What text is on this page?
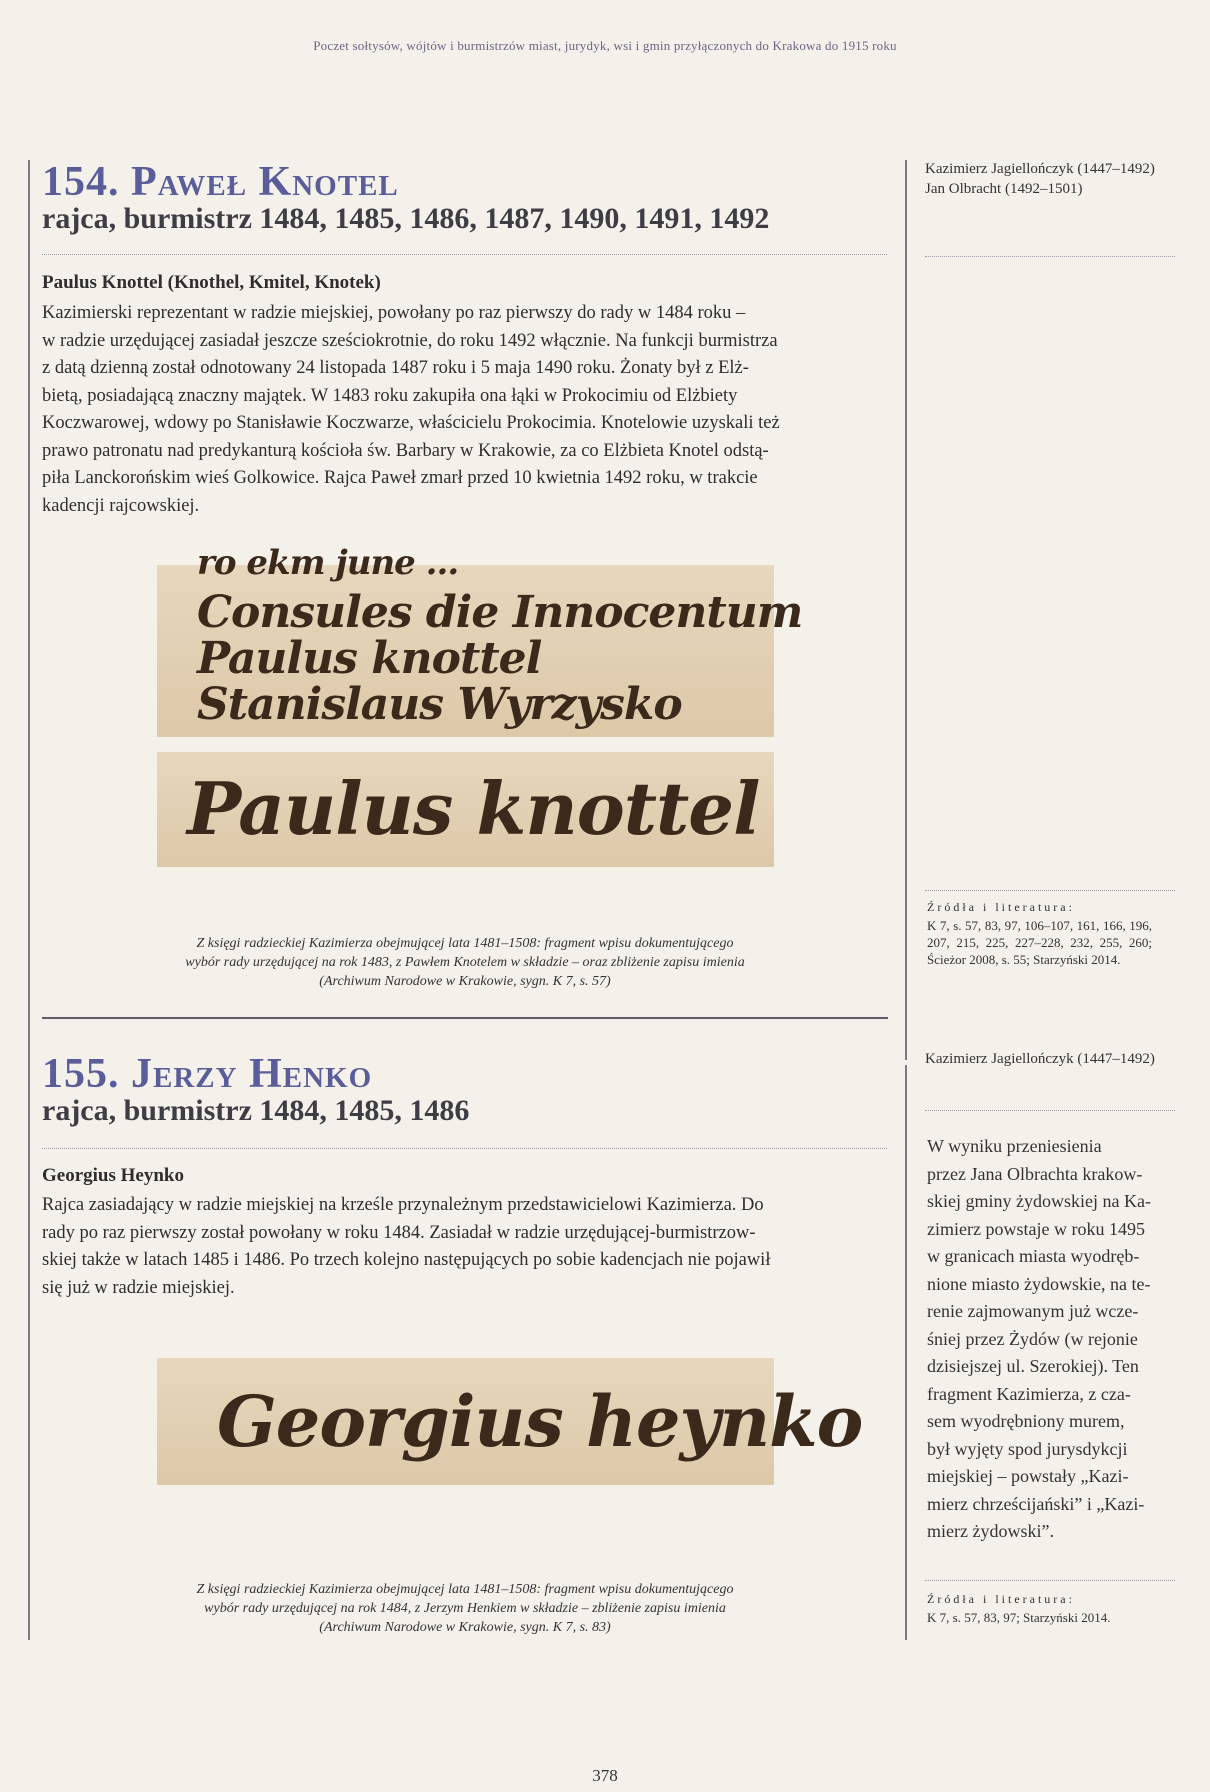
Poczet sołtysów, wójtów i burmistrzów miast, jurydyk, wsi i gmin przyłączonych do Krakowa do 1915 roku
154. Paweł Knotel
rajca, burmistrz 1484, 1485, 1486, 1487, 1490, 1491, 1492

Paulus Knottel (Knothel, Kmitel, Knotek)

Kazimierski reprezentant w radzie miejskiej, powołany po raz pierwszy do rady w 1484 roku –
w radzie urzędującej zasiadał jeszcze sześciokrotnie, do roku 1492 włącznie. Na funkcji burmistrza
z datą dzienną został odnotowany 24 listopada 1487 roku i 5 maja 1490 roku. Żonaty był z Elż-
bietą, posiadającą znaczny majątek. W 1483 roku zakupiła ona łąki w Prokocimiu od Elżbiety
Koczwarowej, wdowy po Stanisławie Koczwarze, właścicielu Prokocimia. Knotelowie uzyskali też
prawo patronatu nad predykanturą kościoła św. Barbary w Krakowie, za co Elżbieta Knotel odstą-
piła Lanckorońskim wieś Golkowice. Rajca Paweł zmarł przed 10 kwietnia 1492 roku, w trakcie
kadencji rajcowskiej.
ro ekm june ...
Consules die Innocentum
Paulus knottel
Stanislaus Wyrzysko
Paulus knottel
Z księgi radzieckiej Kazimierza obejmującej lata 1481–1508: fragment wpisu dokumentującego
wybór rady urzędującej na rok 1483, z Pawłem Knotelem w składzie – oraz zbliżenie zapisu imienia
(Archiwum Narodowe w Krakowie, sygn. K 7, s. 57)
Kazimierz Jagiellończyk (1447–1492)
Jan Olbracht (1492–1501)

Źródła i literatura:

K 7, s. 57, 83, 97, 106–107, 161, 166, 196, 207, 215, 225, 227–228, 232, 255, 260; Ścieżor 2008, s. 55; Starzyński 2014.

155. Jerzy Henko
rajca, burmistrz 1484, 1485, 1486

Georgius Heynko

Rajca zasiadający w radzie miejskiej na krześle przynależnym przedstawicielowi Kazimierza. Do
rady po raz pierwszy został powołany w roku 1484. Zasiadał w radzie urzędującej-burmistrzow-
skiej także w latach 1485 i 1486. Po trzech kolejno następujących po sobie kadencjach nie pojawił
się już w radzie miejskiej.
Georgius heynko
Z księgi radzieckiej Kazimierza obejmującej lata 1481–1508: fragment wpisu dokumentującego
wybór rady urzędującej na rok 1484, z Jerzym Henkiem w składzie – zbliżenie zapisu imienia
(Archiwum Narodowe w Krakowie, sygn. K 7, s. 83)
Kazimierz Jagiellończyk (1447–1492)
W wyniku przeniesienia
przez Jana Olbrachta krakow-
skiej gminy żydowskiej na Ka-
zimierz powstaje w roku 1495
w granicach miasta wyodręb-
nione miasto żydowskie, na te-
renie zajmowanym już wcze-
śniej przez Żydów (w rejonie
dzisiejszej ul. Szerokiej). Ten
fragment Kazimierza, z cza-
sem wyodrębniony murem,
był wyjęty spod jurysdykcji
miejskiej – powstały „Kazi-
mierz chrześcijański” i „Kazi-
mierz żydowski”.

Źródła i literatura:

K 7, s. 57, 83, 97; Starzyński 2014.

378
